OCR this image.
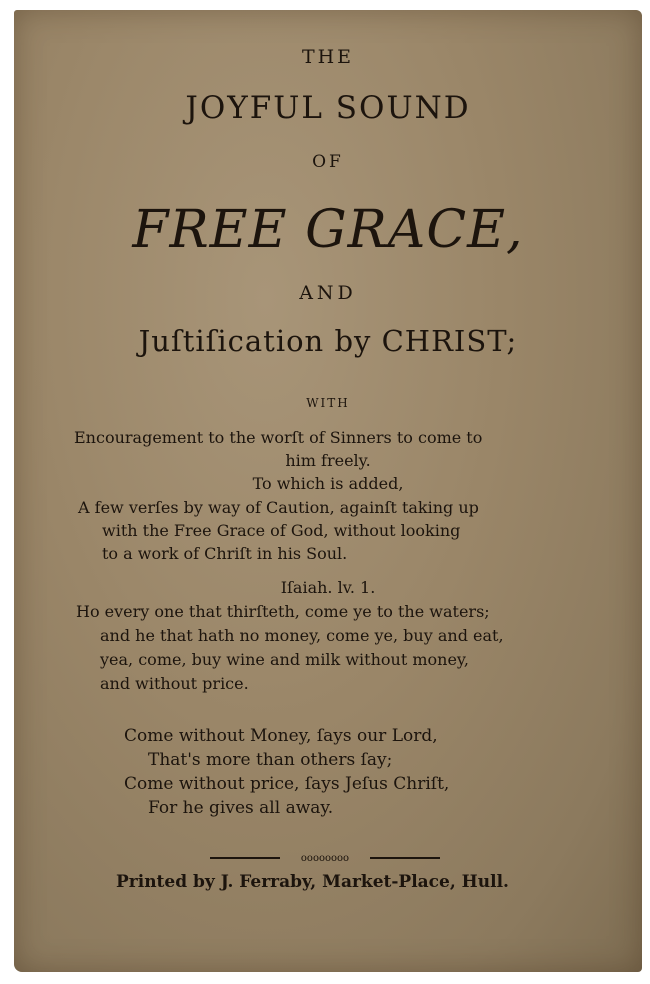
THE
JOYFUL SOUND
OF
FREE GRACE,
AND
Juſtiſication by CHRIST;
WITH
Encouragement to the worſt of Sinners to come to
him freely.
To which is added,
A few verſes by way of Caution, againſt taking up
with the Free Grace of God, without looking
to a work of Chriſt in his Soul.
Iſaiah. lv. 1.
Ho every one that thirſteth, come ye to the waters;
and he that hath no money, come ye, buy and eat,
yea, come, buy wine and milk without money,
and without price.
Come without Money, ſays our Lord,
That's more than others ſay;
Come without price, ſays Jeſus Chriſt,
For he gives all away.
oooooooo
Printed by J. Ferraby, Market-Place, Hull.
